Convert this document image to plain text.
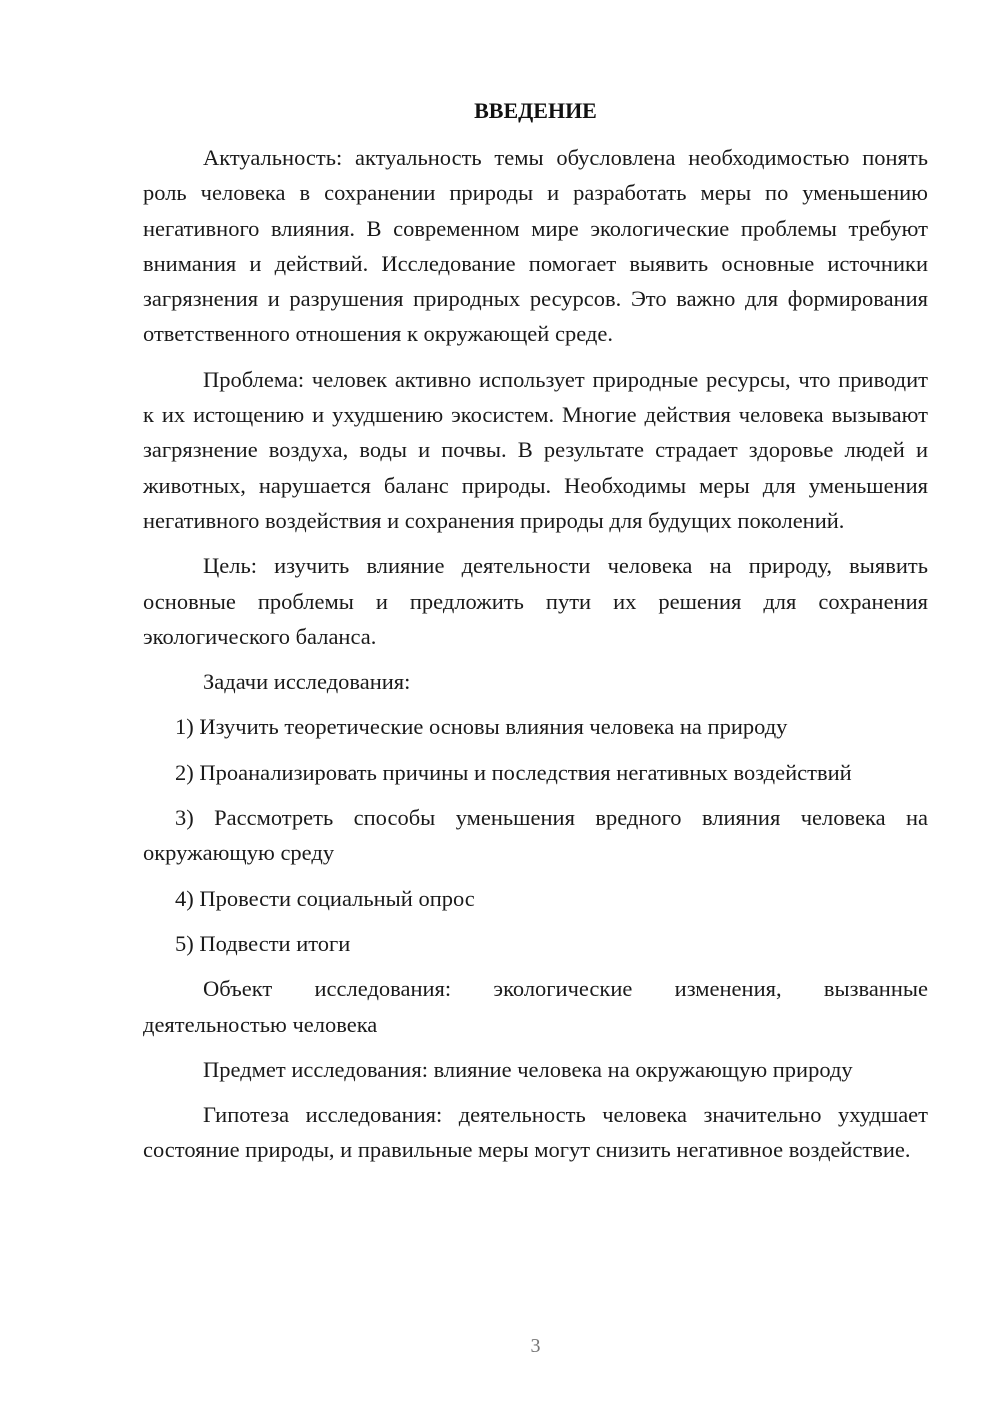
ВВЕДЕНИЕ

Актуальность: актуальность темы обусловлена необходимостью понять роль человека в сохранении природы и разработать меры по уменьшению негативного влияния. В современном мире экологические проблемы требуют внимания и действий. Исследование помогает выявить основные источники загрязнения и разрушения природных ресурсов. Это важно для формирования ответственного отношения к окружающей среде.

Проблема: человек активно использует природные ресурсы, что приводит к их истощению и ухудшению экосистем. Многие действия человека вызывают загрязнение воздуха, воды и почвы. В результате страдает здоровье людей и животных, нарушается баланс природы. Необходимы меры для уменьшения негативного воздействия и сохранения природы для будущих поколений.

Цель: изучить влияние деятельности человека на природу, выявить основные проблемы и предложить пути их решения для сохранения экологического баланса.

Задачи исследования:

1) Изучить теоретические основы влияния человека на природу

2) Проанализировать причины и последствия негативных воздействий

3) Рассмотреть способы уменьшения вредного влияния человека на окружающую среду

4) Провести социальный опрос

5) Подвести итоги

Объект исследования: экологические изменения, вызванные деятельностью человека

Предмет исследования: влияние человека на окружающую природу

Гипотеза исследования: деятельность человека значительно ухудшает состояние природы, и правильные меры могут снизить негативное воздействие.

3
